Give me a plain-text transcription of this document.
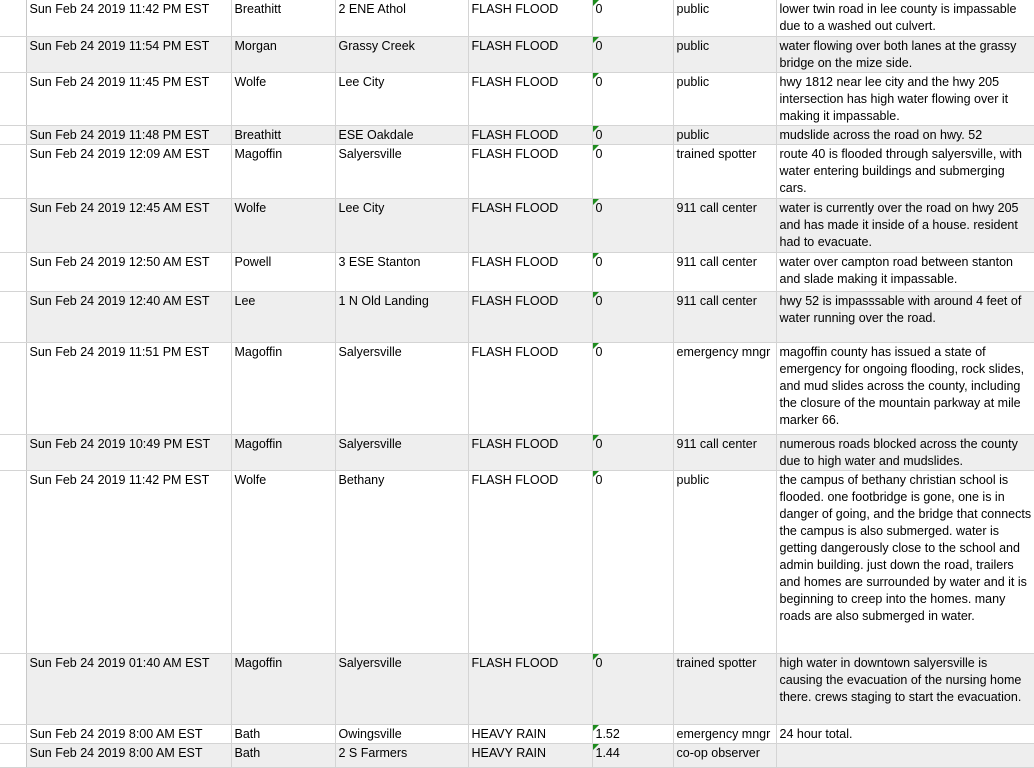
	Sun Feb 24 2019 11:42 PM EST	Breathitt	2 ENE Athol	FLASH FLOOD	0	public	lower twin road in lee county is impassable due to a washed out culvert.
	Sun Feb 24 2019 11:54 PM EST	Morgan	Grassy Creek	FLASH FLOOD	0	public	water flowing over both lanes at the grassy bridge on the mize side.
	Sun Feb 24 2019 11:45 PM EST	Wolfe	Lee City	FLASH FLOOD	0	public	hwy 1812 near lee city and the hwy 205 intersection has high water flowing over it making it impassable.
	Sun Feb 24 2019 11:48 PM EST	Breathitt	ESE Oakdale	FLASH FLOOD	0	public	mudslide across the road on hwy. 52
	Sun Feb 24 2019 12:09 AM EST	Magoffin	Salyersville	FLASH FLOOD	0	trained spotter	route 40 is flooded through salyersville, with water entering buildings and submerging cars.
	Sun Feb 24 2019 12:45 AM EST	Wolfe	Lee City	FLASH FLOOD	0	911 call center	water is currently over the road on hwy 205 and has made it inside of a house. resident had to evacuate.
	Sun Feb 24 2019 12:50 AM EST	Powell	3 ESE Stanton	FLASH FLOOD	0	911 call center	water over campton road between stanton and slade making it impassable.
	Sun Feb 24 2019 12:40 AM EST	Lee	1 N Old Landing	FLASH FLOOD	0	911 call center	hwy 52 is impasssable with around 4 feet of water running over the road.
	Sun Feb 24 2019 11:51 PM EST	Magoffin	Salyersville	FLASH FLOOD	0	emergency mngr	magoffin county has issued a state of emergency for ongoing flooding, rock slides, and mud slides across the county, including the closure of the mountain parkway at mile marker 66.
	Sun Feb 24 2019 10:49 PM EST	Magoffin	Salyersville	FLASH FLOOD	0	911 call center	numerous roads blocked across the county due to high water and mudslides.
	Sun Feb 24 2019 11:42 PM EST	Wolfe	Bethany	FLASH FLOOD	0	public	the campus of bethany christian school is flooded. one footbridge is gone, one is in danger of going, and the bridge that connects the campus is also submerged. water is getting dangerously close to the school and admin building. just down the road, trailers and homes are surrounded by water and it is beginning to creep into the homes. many roads are also submerged in water.
	Sun Feb 24 2019 01:40 AM EST	Magoffin	Salyersville	FLASH FLOOD	0	trained spotter	high water in downtown salyersville is causing the evacuation of the nursing home there. crews staging to start the evacuation.
	Sun Feb 24 2019 8:00 AM EST	Bath	Owingsville	HEAVY RAIN	1.52	emergency mngr	24 hour total.
	Sun Feb 24 2019 8:00 AM EST	Bath	2 S Farmers	HEAVY RAIN	1.44	co-op observer	
